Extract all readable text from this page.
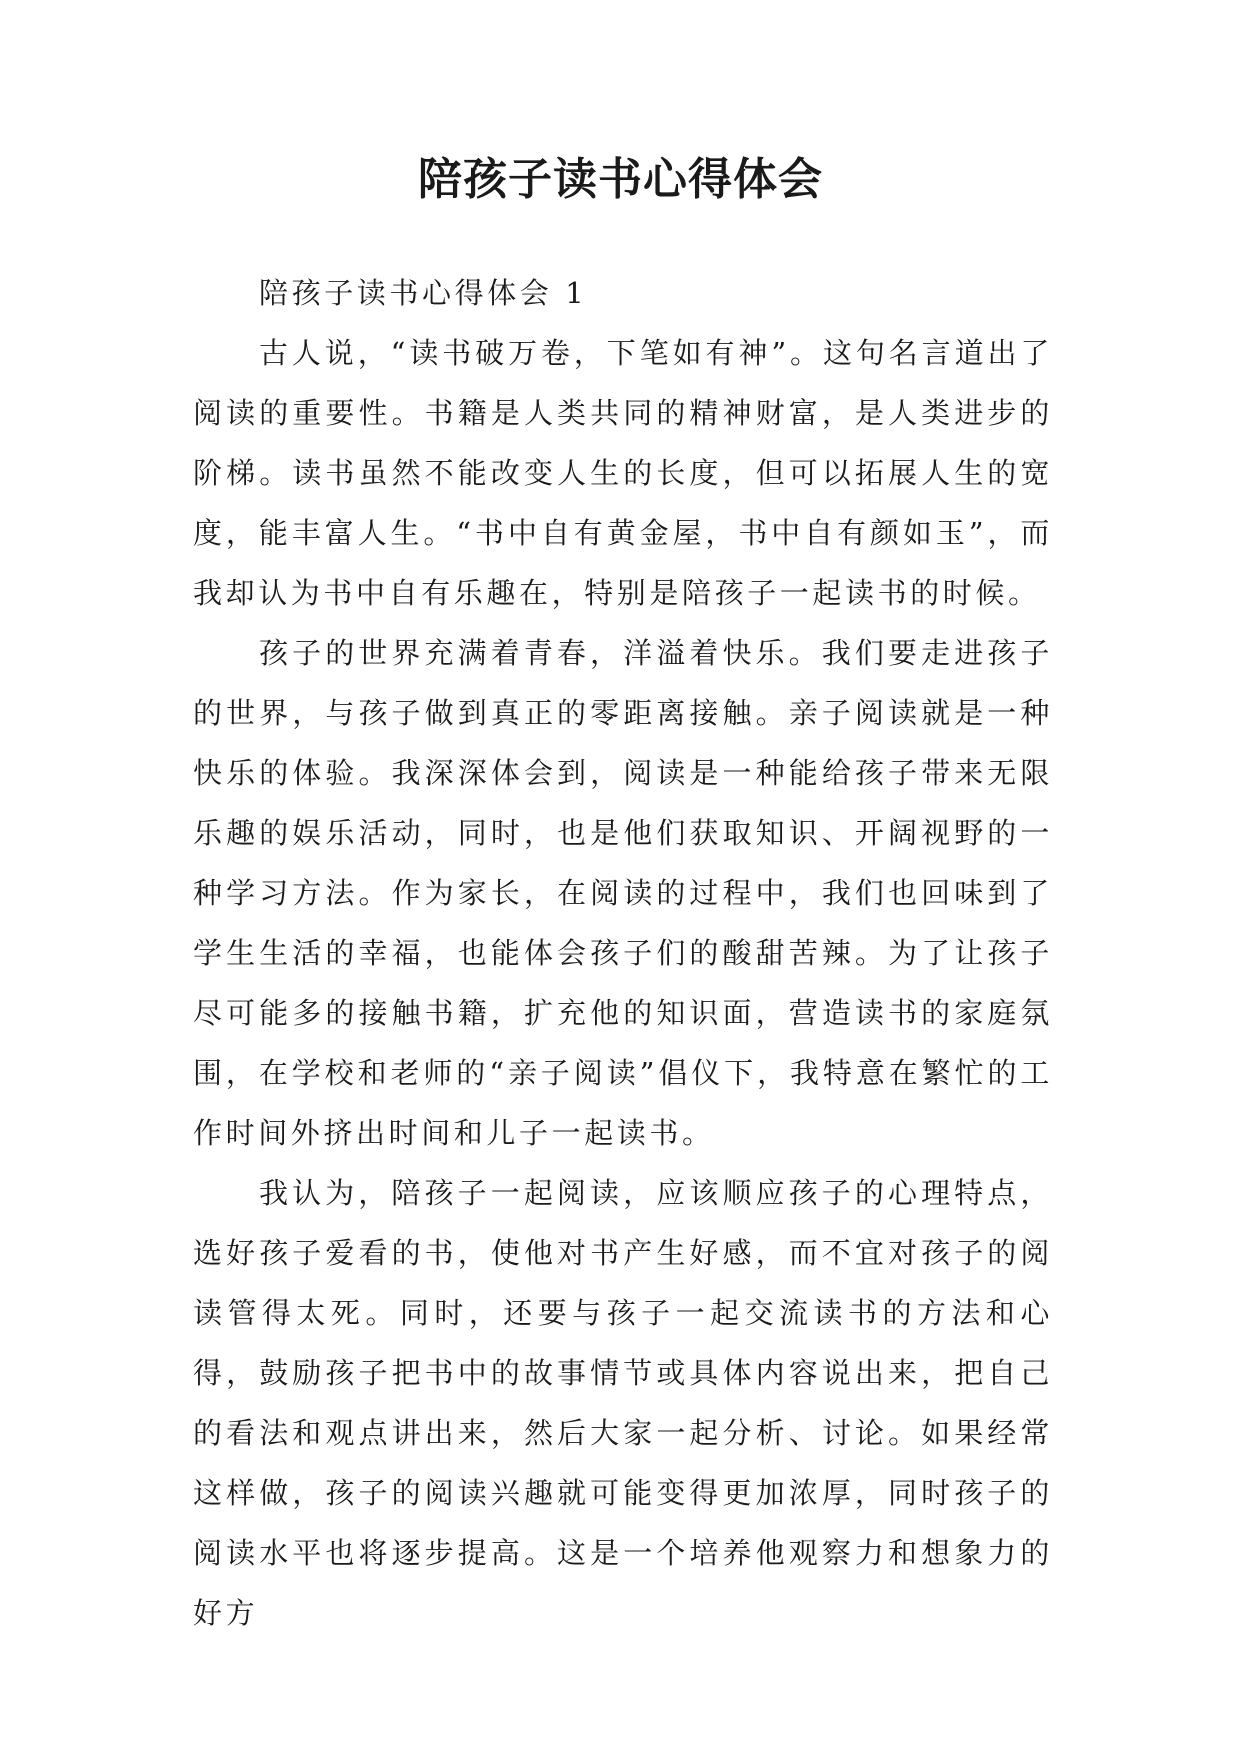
陪孩子读书心得体会

陪孩子读书心得体会 1

古人说，“读书破万卷，下笔如有神”。这句名言道出了阅读的重要性。书籍是人类共同的精神财富，是人类进步的阶梯。读书虽然不能改变人生的长度，但可以拓展人生的宽度，能丰富人生。“书中自有黄金屋，书中自有颜如玉”，而我却认为书中自有乐趣在，特别是陪孩子一起读书的时候。

孩子的世界充满着青春，洋溢着快乐。我们要走进孩子的世界，与孩子做到真正的零距离接触。亲子阅读就是一种快乐的体验。我深深体会到，阅读是一种能给孩子带来无限乐趣的娱乐活动，同时，也是他们获取知识、开阔视野的一种学习方法。作为家长，在阅读的过程中，我们也回味到了学生生活的幸福，也能体会孩子们的酸甜苦辣。为了让孩子尽可能多的接触书籍，扩充他的知识面，营造读书的家庭氛围，在学校和老师的“亲子阅读”倡仪下，我特意在繁忙的工作时间外挤出时间和儿子一起读书。

我认为，陪孩子一起阅读，应该顺应孩子的心理特点，选好孩子爱看的书，使他对书产生好感，而不宜对孩子的阅读管得太死。同时，还要与孩子一起交流读书的方法和心得，鼓励孩子把书中的故事情节或具体内容说出来，把自己的看法和观点讲出来，然后大家一起分析、讨论。如果经常这样做，孩子的阅读兴趣就可能变得更加浓厚，同时孩子的阅读水平也将逐步提高。这是一个培养他观察力和想象力的好方
